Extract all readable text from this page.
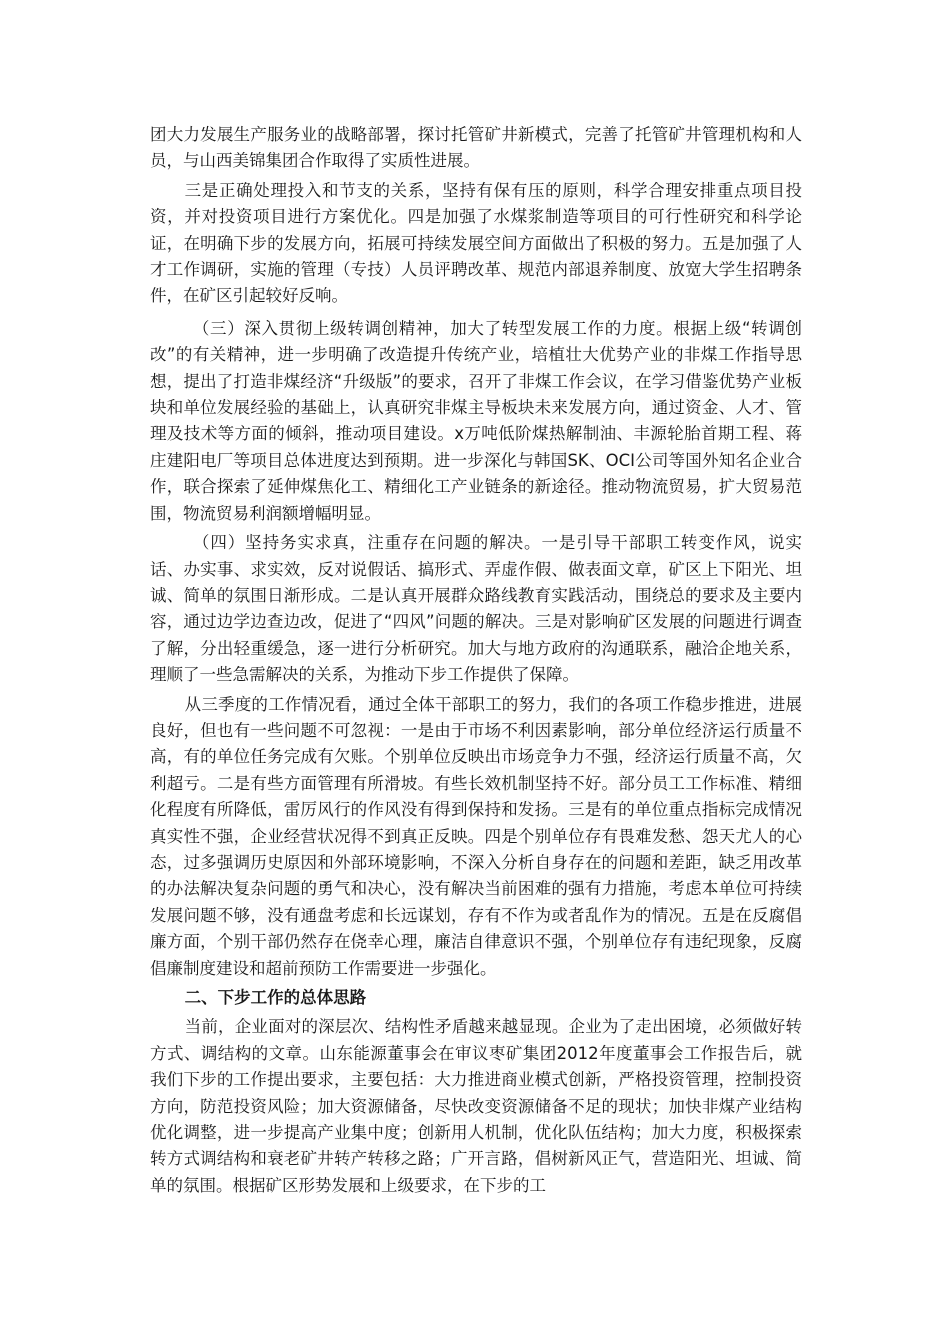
团大力发展生产服务业的战略部署，探讨托管矿井新模式，完善了托管矿井管理机构和人员，与山西美锦集团合作取得了实质性进展。

三是正确处理投入和节支的关系，坚持有保有压的原则，科学合理安排重点项目投资，并对投资项目进行方案优化。四是加强了水煤浆制造等项目的可行性研究和科学论证，在明确下步的发展方向，拓展可持续发展空间方面做出了积极的努力。五是加强了人才工作调研，实施的管理（专技）人员评聘改革、规范内部退养制度、放宽大学生招聘条件，在矿区引起较好反响。

（三）深入贯彻上级转调创精神，加大了转型发展工作的力度。根据上级“转调创改”的有关精神，进一步明确了改造提升传统产业，培植壮大优势产业的非煤工作指导思想，提出了打造非煤经济“升级版”的要求，召开了非煤工作会议，在学习借鉴优势产业板块和单位发展经验的基础上，认真研究非煤主导板块未来发展方向，通过资金、人才、管理及技术等方面的倾斜，推动项目建设。x万吨低阶煤热解制油、丰源轮胎首期工程、蒋庄建阳电厂等项目总体进度达到预期。进一步深化与韩国SK、OCI公司等国外知名企业合作，联合探索了延伸煤焦化工、精细化工产业链条的新途径。推动物流贸易，扩大贸易范围，物流贸易利润额增幅明显。

（四）坚持务实求真，注重存在问题的解决。一是引导干部职工转变作风，说实话、办实事、求实效，反对说假话、搞形式、弄虚作假、做表面文章，矿区上下阳光、坦诚、简单的氛围日渐形成。二是认真开展群众路线教育实践活动，围绕总的要求及主要内容，通过边学边查边改，促进了“四风”问题的解决。三是对影响矿区发展的问题进行调查了解，分出轻重缓急，逐一进行分析研究。加大与地方政府的沟通联系，融洽企地关系，理顺了一些急需解决的关系，为推动下步工作提供了保障。

从三季度的工作情况看，通过全体干部职工的努力，我们的各项工作稳步推进，进展良好，但也有一些问题不可忽视：一是由于市场不利因素影响，部分单位经济运行质量不高，有的单位任务完成有欠账。个别单位反映出市场竞争力不强，经济运行质量不高，欠利超亏。二是有些方面管理有所滑坡。有些长效机制坚持不好。部分员工工作标准、精细化程度有所降低，雷厉风行的作风没有得到保持和发扬。三是有的单位重点指标完成情况真实性不强，企业经营状况得不到真正反映。四是个别单位存有畏难发愁、怨天尤人的心态，过多强调历史原因和外部环境影响，不深入分析自身存在的问题和差距，缺乏用改革的办法解决复杂问题的勇气和决心，没有解决当前困难的强有力措施，考虑本单位可持续发展问题不够，没有通盘考虑和长远谋划，存有不作为或者乱作为的情况。五是在反腐倡廉方面，个别干部仍然存在侥幸心理，廉洁自律意识不强，个别单位存有违纪现象，反腐倡廉制度建设和超前预防工作需要进一步强化。

二、下步工作的总体思路

当前，企业面对的深层次、结构性矛盾越来越显现。企业为了走出困境，必须做好转方式、调结构的文章。山东能源董事会在审议枣矿集团2012年度董事会工作报告后，就我们下步的工作提出要求，主要包括：大力推进商业模式创新，严格投资管理，控制投资方向，防范投资风险；加大资源储备，尽快改变资源储备不足的现状；加快非煤产业结构优化调整，进一步提高产业集中度；创新用人机制，优化队伍结构；加大力度，积极探索转方式调结构和衰老矿井转产转移之路；广开言路，倡树新风正气，营造阳光、坦诚、简单的氛围。根据矿区形势发展和上级要求，在下步的工
